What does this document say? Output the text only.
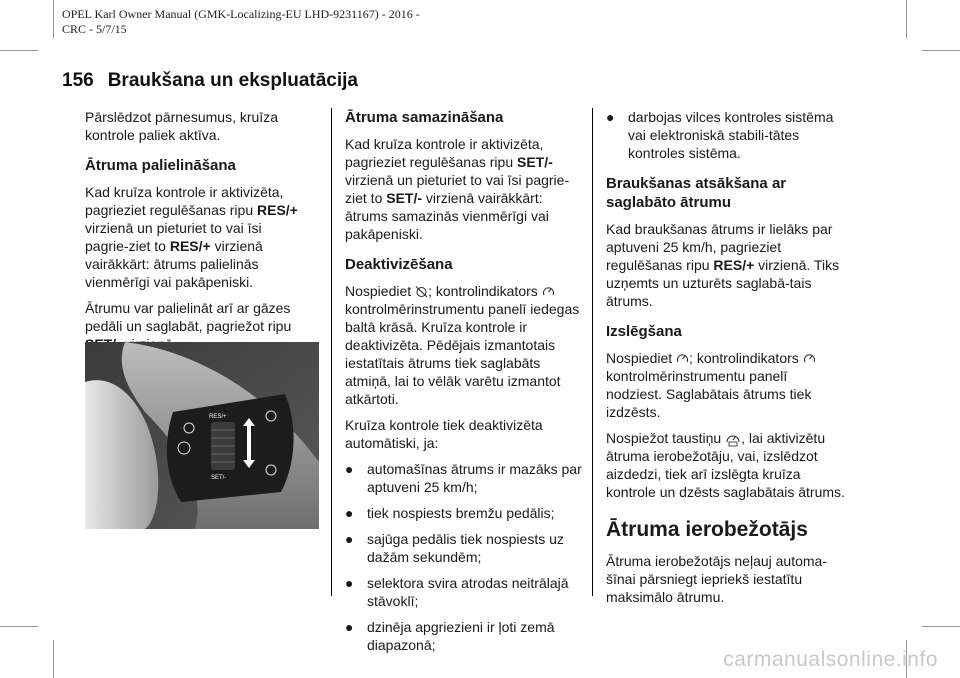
OPEL Karl Owner Manual (GMK-Localizing-EU LHD-9231167) - 2016 -
CRC - 5/7/15
156 Braukšana un ekspluatācija

Pārslēdzot pārnesumus, kruīza kontrole paliek aktīva.

Ātruma palielināšana

Kad kruīza kontrole ir aktivizēta, pagrieziet regulēšanas ripu RES/+ virzienā un pieturiet to vai īsi pagrie-ziet to RES/+ virzienā vairākkārt: ātrums palielinās vienmērīgi vai pakāpeniski.

Ātrumu var palielināt arī ar gāzes pedāli un saglabāt, pagriežot ripu

RES/+
SET/-
Ātruma samazināšana

Kad kruīza kontrole ir aktivizēta, pagrieziet regulēšanas ripu SET/- virzienā un pieturiet to vai īsi pagrie-ziet to SET/- virzienā vairākkārt: ātrums samazinās vienmērīgi vai pakāpeniski.

Deaktivizēšana

Nospiediet ; kontrolindikators  kontrolmērinstrumentu panelī iedegas baltā krāsā. Kruīza kontrole ir deaktivizēta. Pēdējais izmantotais iestatītais ātrums tiek saglabāts atmiņā, lai to vēlāk varētu izmantot atkārtoti.

Kruīza kontrole tiek deaktivizēta automātiski, ja:

● automašīnas ātrums ir mazāks par aptuveni 25 km/h;
● tiek nospiests bremžu pedālis;
● sajūga pedālis tiek nospiests uz dažām sekundēm;
● selektora svira atrodas neitrālajā stāvoklī;
● dzinēja apgriezieni ir ļoti zemā diapazonā;
● darbojas vilces kontroles sistēma vai elektroniskā stabili-tātes kontroles sistēma.
Braukšanas atsākšana ar saglabāto ātrumu

Kad braukšanas ātrums ir lielāks par aptuveni 25 km/h, pagrieziet regulēšanas ripu RES/+ virzienā. Tiks uzņemts un uzturēts saglabā-tais ātrums.

Izslēgšana

Nospiediet ; kontrolindikators  kontrolmērinstrumentu panelī nodziest. Saglabātais ātrums tiek izdzēsts.

Nospiežot taustiņu , lai aktivizētu ātruma ierobežotāju, vai, izslēdzot aizdedzi, tiek arī izslēgta kruīza kontrole un dzēsts saglabātais ātrums.

Ātruma ierobežotājs

Ātruma ierobežotājs neļauj automa-šīnai pārsniegt iepriekš iestatītu maksimālo ātrumu.

carmanualsonline.info
